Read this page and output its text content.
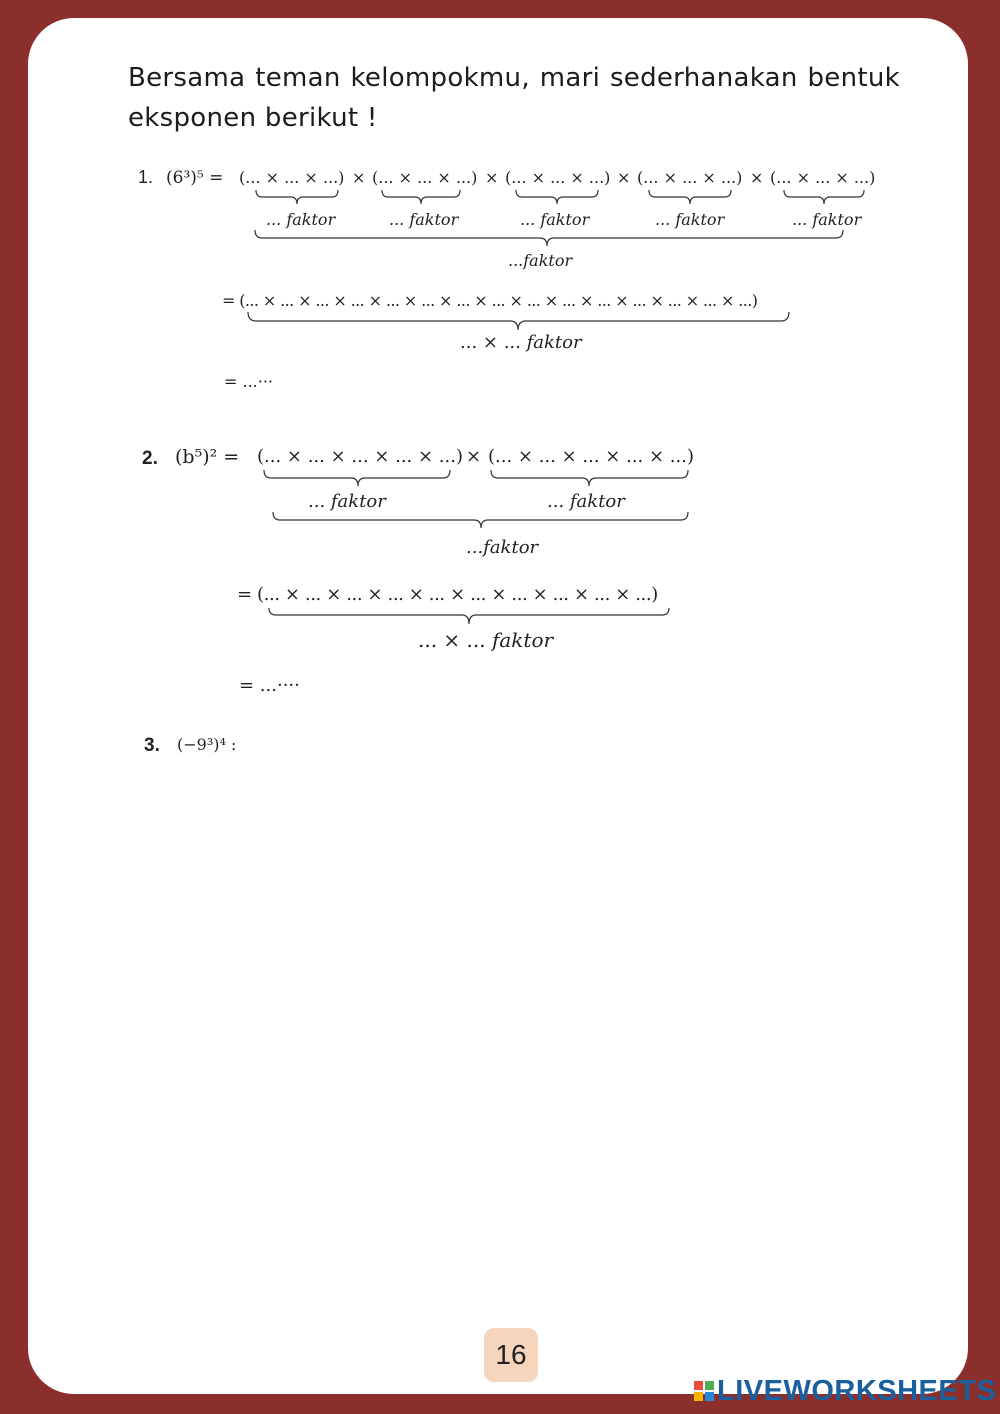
Bersama teman kelompokmu, mari sederhanakan bentuk
eksponen berikut !
1. (6³)⁵ = (... × ... × ...) × (... × ... × ...) × (... × ... × ...) × (... × ... × ...) × (... × ... × ...)
... faktor	... faktor	... faktor	... faktor	... faktor
...faktor
= (... × ... × ... × ... × ... × ... × ... × ... × ... × ... × ... × ... × ... × ... × ...)
... × ... faktor
= ...···
2. (b⁵)² = (... × ... × ... × ... × ...) × (... × ... × ... × ... × ...)
... faktor	... faktor
...faktor
= (... × ... × ... × ... × ... × ... × ... × ... × ... × ...)
... × ... faktor
= ...····
3. (−9³)⁴ :
16
LIVEWORKSHEETS
